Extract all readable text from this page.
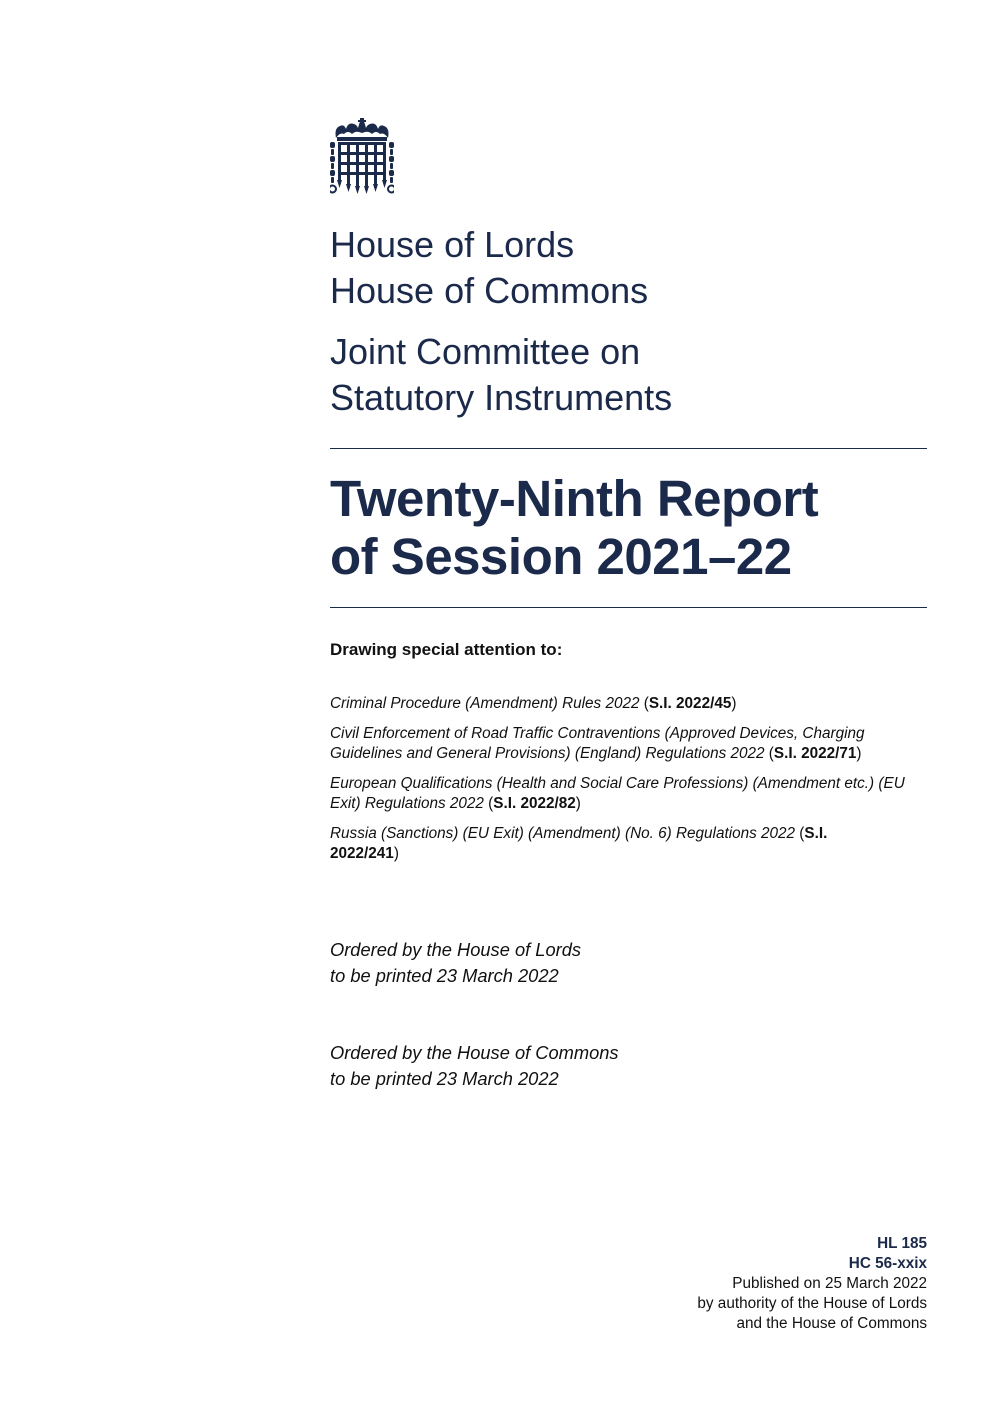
House of Lords
House of Commons
Joint Committee on
Statutory Instruments
Twenty-Ninth Report
of Session 2021–22
Drawing special attention to:
Criminal Procedure (Amendment) Rules 2022 (S.I. 2022/45)
Civil Enforcement of Road Traffic Contraventions (Approved Devices, Charging Guidelines and General Provisions) (England) Regulations 2022 (S.I. 2022/71)
European Qualifications (Health and Social Care Professions) (Amendment etc.) (EU Exit) Regulations 2022 (S.I. 2022/82)
Russia (Sanctions) (EU Exit) (Amendment) (No. 6) Regulations 2022 (S.I. 2022/241)
Ordered by the House of Lords
to be printed 23 March 2022
Ordered by the House of Commons
to be printed 23 March 2022
HL 185
HC 56-xxix
Published on 25 March 2022
by authority of the House of Lords
and the House of Commons
